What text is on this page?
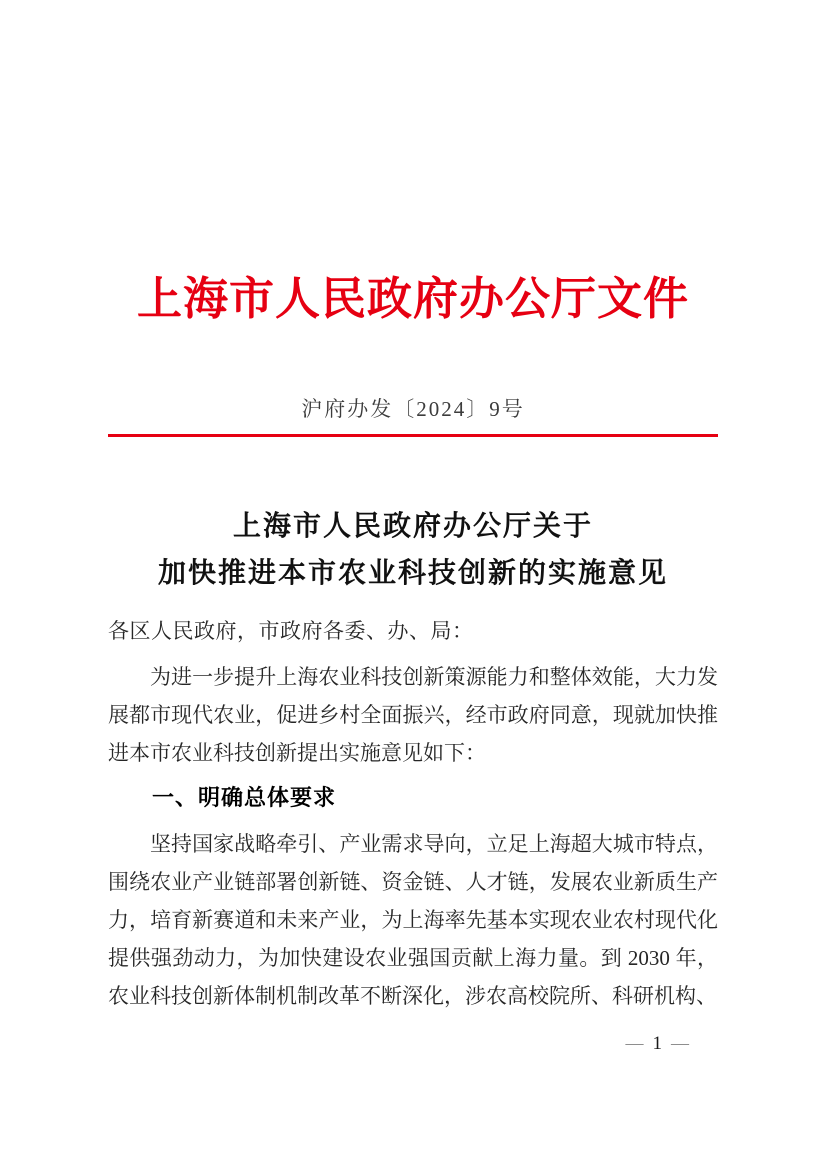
上海市人民政府办公厅文件
沪府办发〔2024〕9号
上海市人民政府办公厅关于
加快推进本市农业科技创新的实施意见
各区人民政府，市政府各委、办、局：

为进一步提升上海农业科技创新策源能力和整体效能，大力发展都市现代农业，促进乡村全面振兴，经市政府同意，现就加快推进本市农业科技创新提出实施意见如下：

一、明确总体要求

坚持国家战略牵引、产业需求导向，立足上海超大城市特点，围绕农业产业链部署创新链、资金链、人才链，发展农业新质生产力，培育新赛道和未来产业，为上海率先基本实现农业农村现代化提供强劲动力，为加快建设农业强国贡献上海力量。到 2030 年，农业科技创新体制机制改革不断深化，涉农高校院所、科研机构、

— 1 —
